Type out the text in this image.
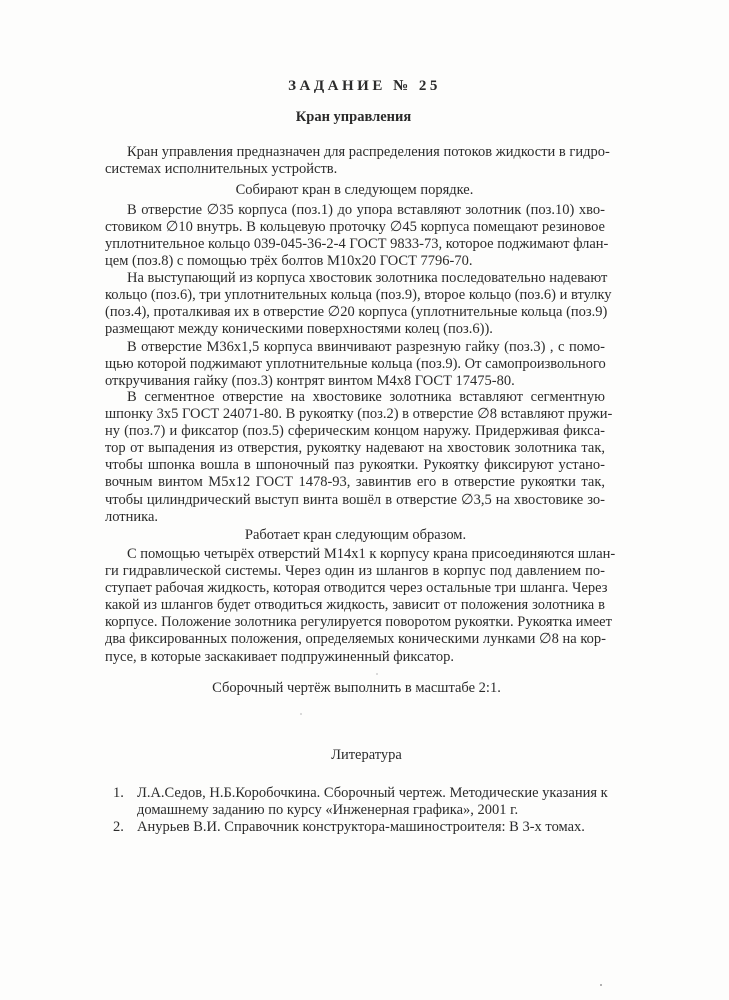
ЗАДАНИЕ № 25
Кран управления
Кран управления предназначен для распределения потоков жидкости в гидро-
системах исполнительных устройств.
Собирают кран в следующем порядке.
В отверстие ∅35 корпуса (поз.1) до упора вставляют золотник (поз.10) хво-
стовиком ∅10 внутрь. В кольцевую проточку ∅45 корпуса помещают резиновое
уплотнительное кольцо 039-045-36-2-4 ГОСТ 9833-73, которое поджимают флан-
цем (поз.8) с помощью трёх болтов М10х20 ГОСТ 7796-70.
На выступающий из корпуса хвостовик золотника последовательно надевают
кольцо (поз.6), три уплотнительных кольца (поз.9), второе кольцо (поз.6) и втулку
(поз.4), проталкивая их в отверстие ∅20 корпуса (уплотнительные кольца (поз.9)
размещают между коническими поверхностями колец (поз.6)).
В отверстие М36х1,5 корпуса ввинчивают разрезную гайку (поз.3) , с помо-
щью которой поджимают уплотнительные кольца (поз.9). От самопроизвольного
откручивания гайку (поз.3) контрят винтом М4х8 ГОСТ 17475-80.
В сегментное отверстие на хвостовике золотника вставляют сегментную
шпонку 3х5 ГОСТ 24071-80. В рукоятку (поз.2) в отверстие ∅8 вставляют пружи-
ну (поз.7) и фиксатор (поз.5) сферическим концом наружу. Придерживая фикса-
тор от выпадения из отверстия, рукоятку надевают на хвостовик золотника так,
чтобы шпонка вошла в шпоночный паз рукоятки. Рукоятку фиксируют устано-
вочным винтом М5х12 ГОСТ 1478-93, завинтив его в отверстие рукоятки так,
чтобы цилиндрический выступ винта вошёл в отверстие ∅3,5 на хвостовике зо-
лотника.
Работает кран следующим образом.
С помощью четырёх отверстий М14х1 к корпусу крана присоединяются шлан-
ги гидравлической системы. Через один из шлангов в корпус под давлением по-
ступает рабочая жидкость, которая отводится через остальные три шланга. Через
какой из шлангов будет отводиться жидкость, зависит от положения золотника в
корпусе. Положение золотника регулируется поворотом рукоятки. Рукоятка имеет
два фиксированных положения, определяемых коническими лунками ∅8 на кор-
пусе, в которые заскакивает подпружиненный фиксатор.
Сборочный чертёж выполнить в масштабе 2:1.
Литература
1. Л.А.Седов, Н.Б.Коробочкина. Сборочный чертеж. Методические указания к
домашнему заданию по курсу «Инженерная графика», 2001 г.
2. Анурьев В.И. Справочник конструктора-машиностроителя: В 3-х томах.
